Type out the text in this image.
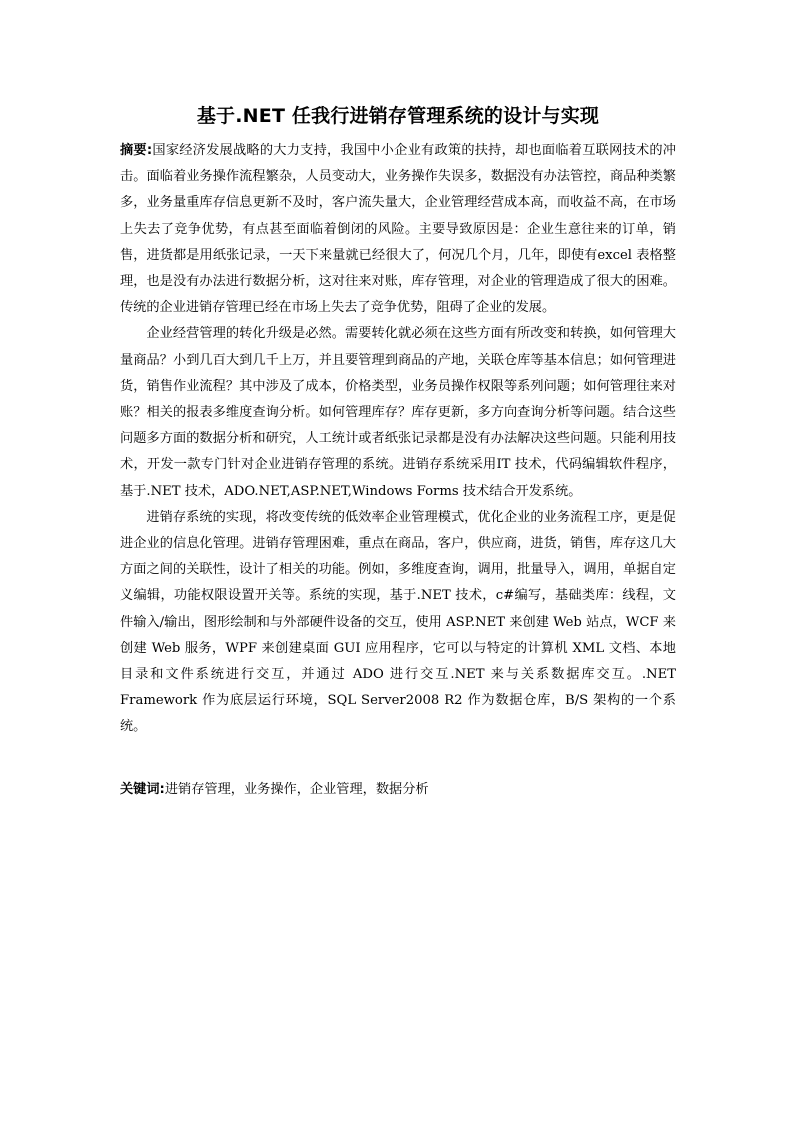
基于.NET 任我行进销存管理系统的设计与实现

摘要:国家经济发展战略的大力支持，我国中小企业有政策的扶持，却也面临着互联网技术的冲击。面临着业务操作流程繁杂，人员变动大，业务操作失误多，数据没有办法管控，商品种类繁多，业务量重库存信息更新不及时，客户流失量大，企业管理经营成本高，而收益不高，在市场上失去了竞争优势，有点甚至面临着倒闭的风险。主要导致原因是：企业生意往来的订单，销售，进货都是用纸张记录，一天下来量就已经很大了，何况几个月，几年，即使有excel 表格整理，也是没有办法进行数据分析，这对往来对账，库存管理，对企业的管理造成了很大的困难。传统的企业进销存管理已经在市场上失去了竞争优势，阻碍了企业的发展。

企业经营管理的转化升级是必然。需要转化就必须在这些方面有所改变和转换，如何管理大量商品？小到几百大到几千上万，并且要管理到商品的产地，关联仓库等基本信息；如何管理进货，销售作业流程？其中涉及了成本，价格类型，业务员操作权限等系列问题；如何管理往来对账？相关的报表多维度查询分析。如何管理库存？库存更新，多方向查询分析等问题。结合这些问题多方面的数据分析和研究，人工统计或者纸张记录都是没有办法解决这些问题。只能利用技术，开发一款专门针对企业进销存管理的系统。进销存系统采用IT 技术，代码编辑软件程序，基于.NET 技术，ADO.NET,ASP.NET,Windows Forms 技术结合开发系统。

进销存系统的实现，将改变传统的低效率企业管理模式，优化企业的业务流程工序，更是促进企业的信息化管理。进销存管理困难，重点在商品，客户，供应商，进货，销售，库存这几大方面之间的关联性，设计了相关的功能。例如，多维度查询，调用，批量导入，调用，单据自定义编辑，功能权限设置开关等。系统的实现，基于.NET 技术，c#编写，基础类库：线程，文件输入/输出，图形绘制和与外部硬件设备的交互，使用 ASP.NET 来创建 Web 站点，WCF 来创建 Web 服务，WPF 来创建桌面 GUI 应用程序，它可以与特定的计算机 XML 文档、本地目录和文件系统进行交互，并通过 ADO 进行交互.NET 来与关系数据库交互。.NET Framework 作为底层运行环境，SQL Server2008 R2 作为数据仓库，B/S 架构的一个系统。

关键词:进销存管理，业务操作，企业管理，数据分析
